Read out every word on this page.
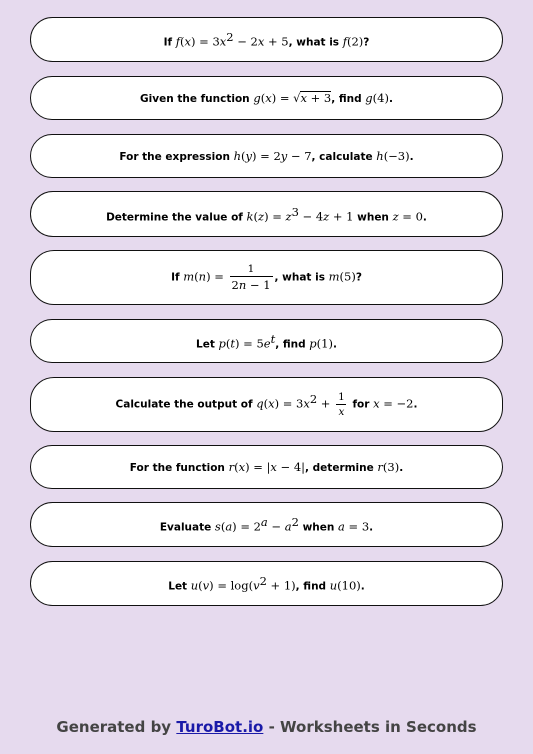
If $f(x) = 3x^2 - 2x + 5$, what is f(2)?
Given the function g(x) = √x + 3, find g(4).
For the expression h(y) = 2y − 7, calculate h(−3).
Determine the value of $k(z) = z^3 - 4z + 1$ when z = 0.
If $m(n) = \frac{1}{2n - 1}$ , what is m(5)?
Let $p(t) = 5e^t$, find p(1).
Calculate the output of $q(x) = 3x^2 + \frac{1}{x}$ for x = −2.
For the function r(x) = |x − 4|, determine r(3).
Evaluate $s(a) = 2^a - a^2$ when a = 3.
Let $u(v) = \log(v^2 + 1)$, find u(10).
Generated by TuroBot.io - Worksheets in Seconds
